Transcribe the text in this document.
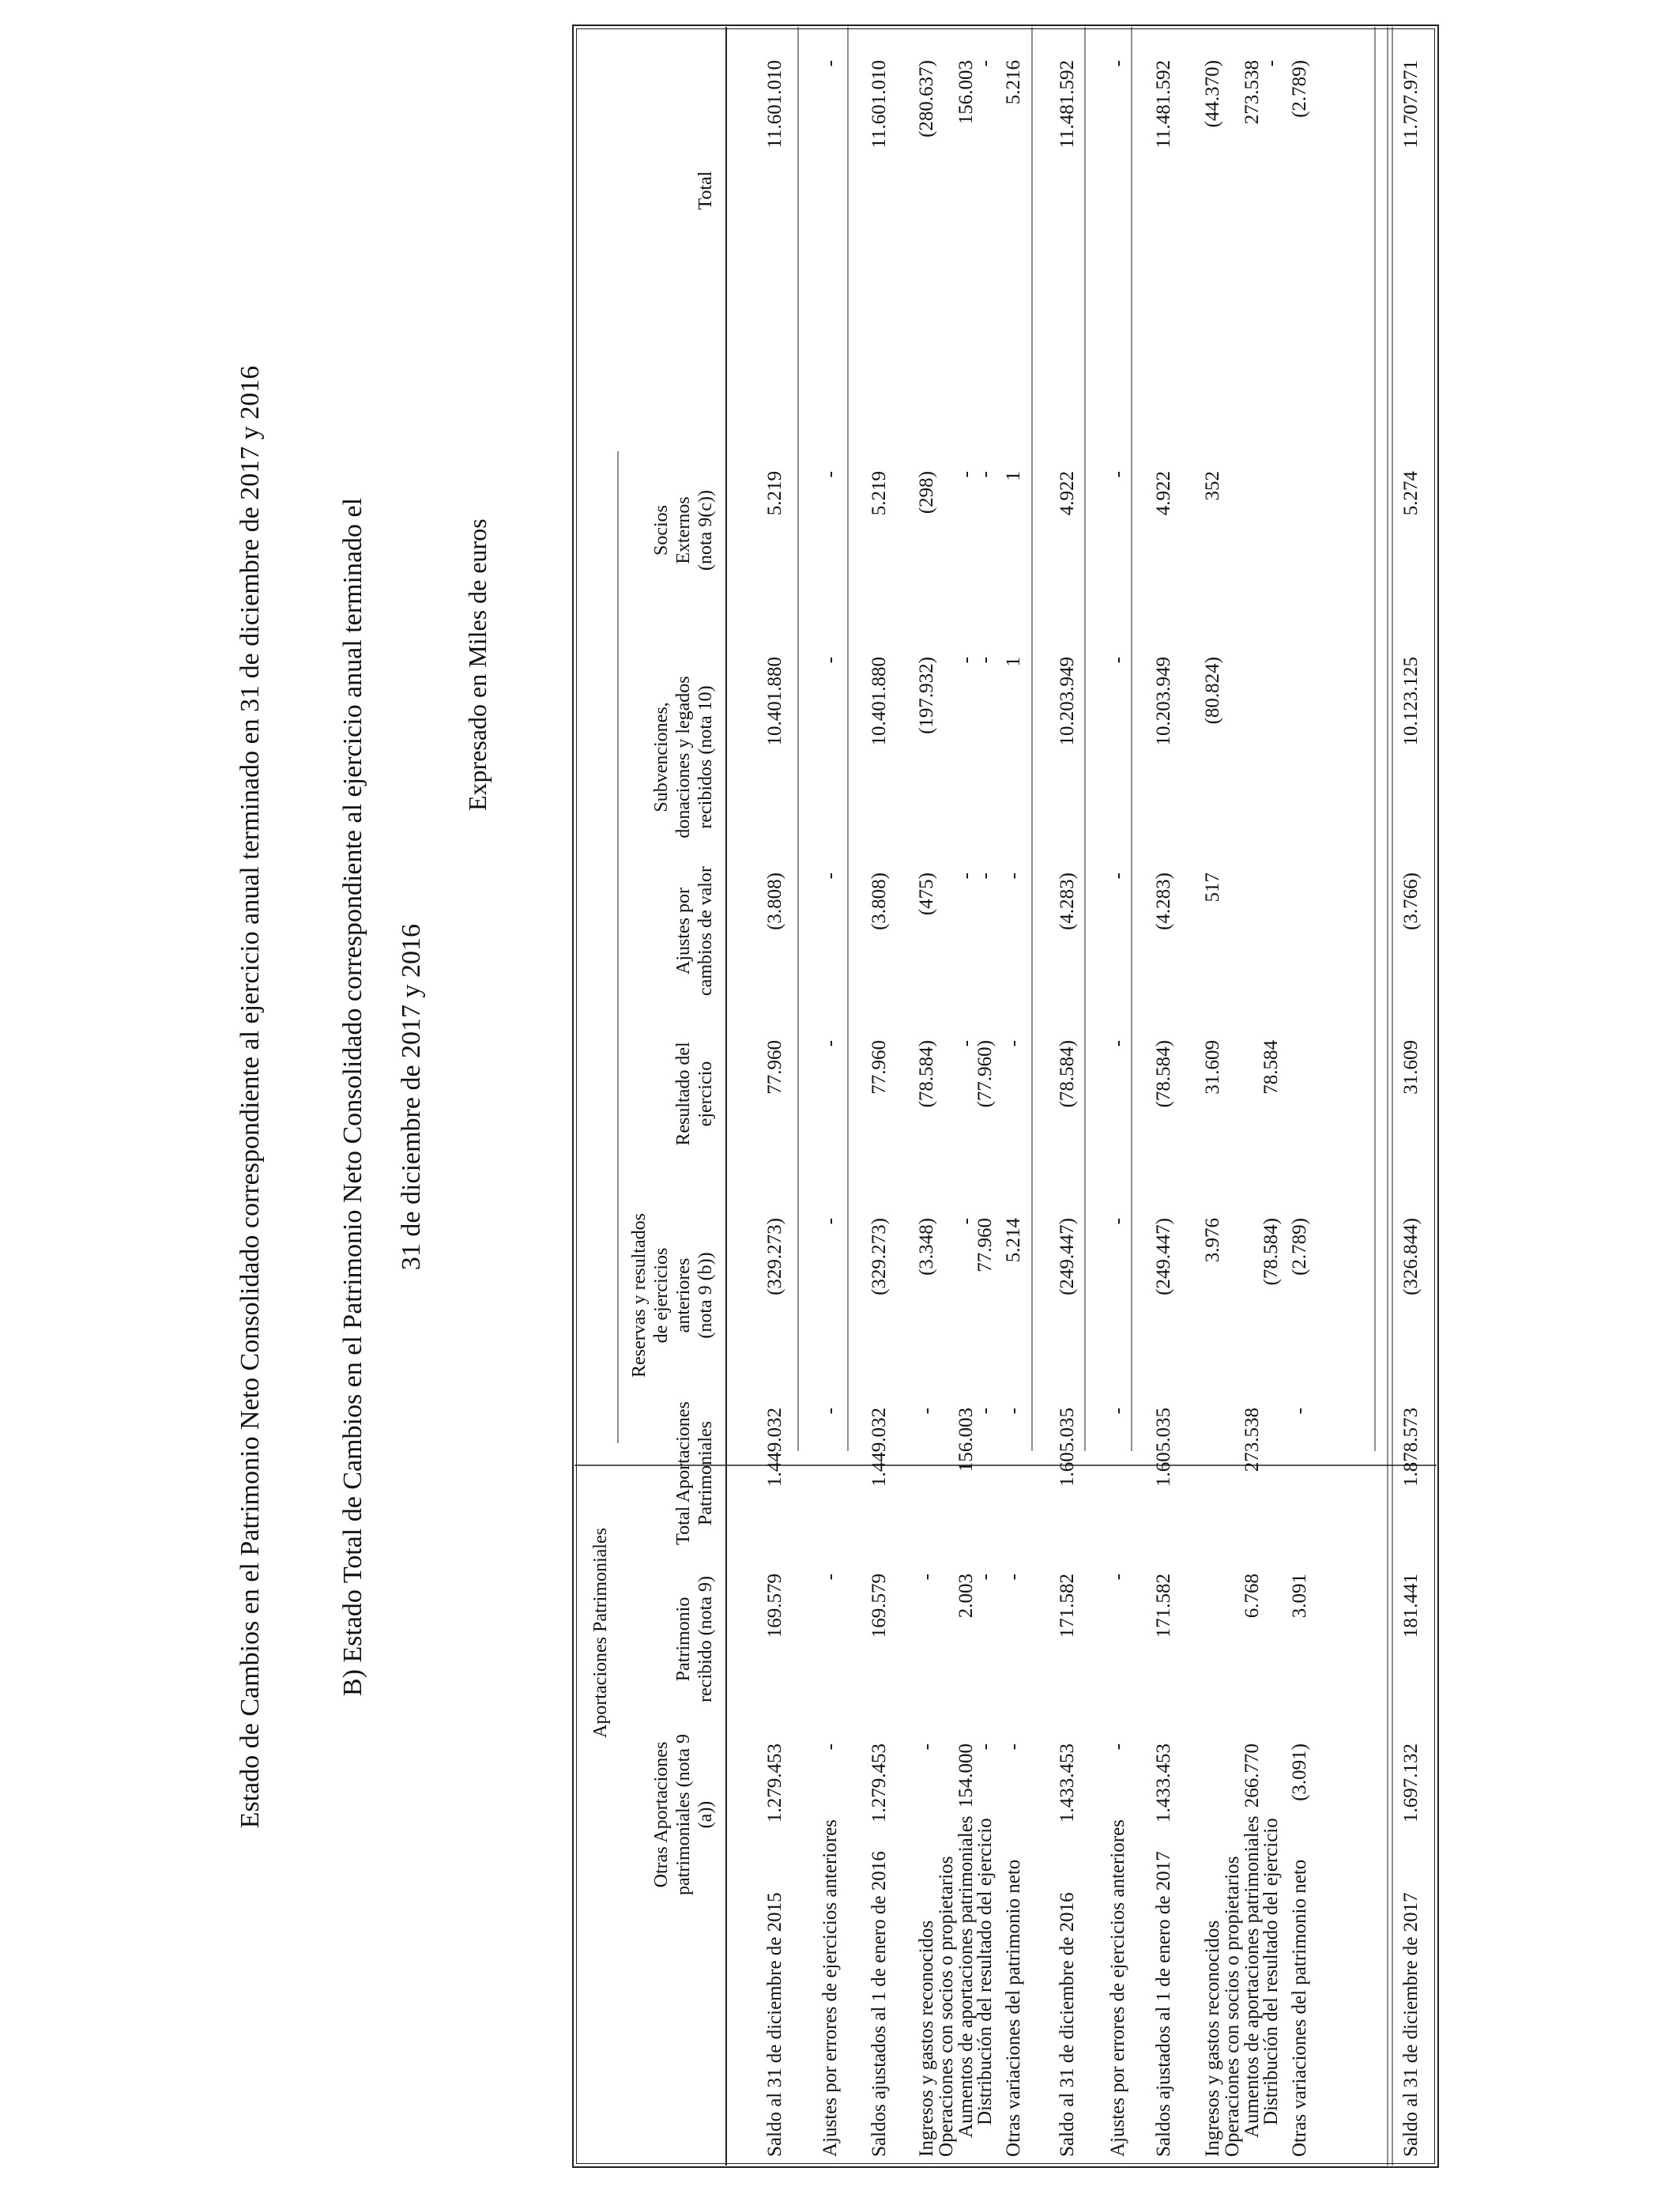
Estado de Cambios en el Patrimonio Neto Consolidado correspondiente al ejercicio anual terminado en 31 de diciembre de 2017 y 2016	B) Estado Total de Cambios en el Patrimonio Neto Consolidado correspondiente al ejercicio anual terminado el 31 de diciembre de 2017 y 2016
Expresado en Miles de euros
Aportaciones Patrimoniales
Otras Aportaciones patrimoniales (nota 9 (a))
Patrimonio recibido (nota 9)
Total Aportaciones Patrimoniales
Reservas y resultados de ejercicios anteriores (nota 9 (b))
Resultado del ejercicio
Ajustes por cambios de valor
Subvenciones, donaciones y legados recibidos (nota 10)
Socios Externos (nota 9(c))
Total
Saldo al 31 de diciembre de 2015
1.279.453
169.579
1.449.032
(329.273)
77.960
(3.808)
10.401.880
5.219
11.601.010
Ajustes por errores de ejercicios anteriores
-
-
-
-
-
-
-
-
-
Saldos ajustados al 1 de enero de 2016
1.279.453
169.579
1.449.032
(329.273)
77.960
(3.808)
10.401.880
5.219
11.601.010
Ingresos y gastos reconocidos
-
-
-
(3.348)
(78.584)
(475)
(197.932)
(298)
(280.637)
Operaciones con socios o propietarios
Aumentos de aportaciones patrimoniales
154.000
2.003
156.003
-
-
-
-
-
156.003
Distribución del resultado del ejercicio
-
-
-
77.960
(77.960)
-
-
-
-
Otras variaciones del patrimonio neto
-
-
-
5.214
-
-
1
1
5.216
Saldo al 31 de diciembre de 2016
1.433.453
171.582
1.605.035
(249.447)
(78.584)
(4.283)
10.203.949
4.922
11.481.592
Ajustes por errores de ejercicios anteriores
-
-
-
-
-
-
-
-
-
Saldos ajustados al 1 de enero de 2017
1.433.453
171.582
1.605.035
(249.447)
(78.584)
(4.283)
10.203.949
4.922
11.481.592
Ingresos y gastos reconocidos
3.976
31.609
517
(80.824)
352
(44.370)
Operaciones con socios o propietarios
Aumentos de aportaciones patrimoniales
266.770
6.768
273.538
273.538
Distribución del resultado del ejercicio
(78.584)
78.584
-
Otras variaciones del patrimonio neto
(3.091)
3.091
-
(2.789)
(2.789)
Saldo al 31 de diciembre de 2017
1.697.132
181.441
1.878.573
(326.844)
31.609
(3.766)
10.123.125
5.274
11.707.971
